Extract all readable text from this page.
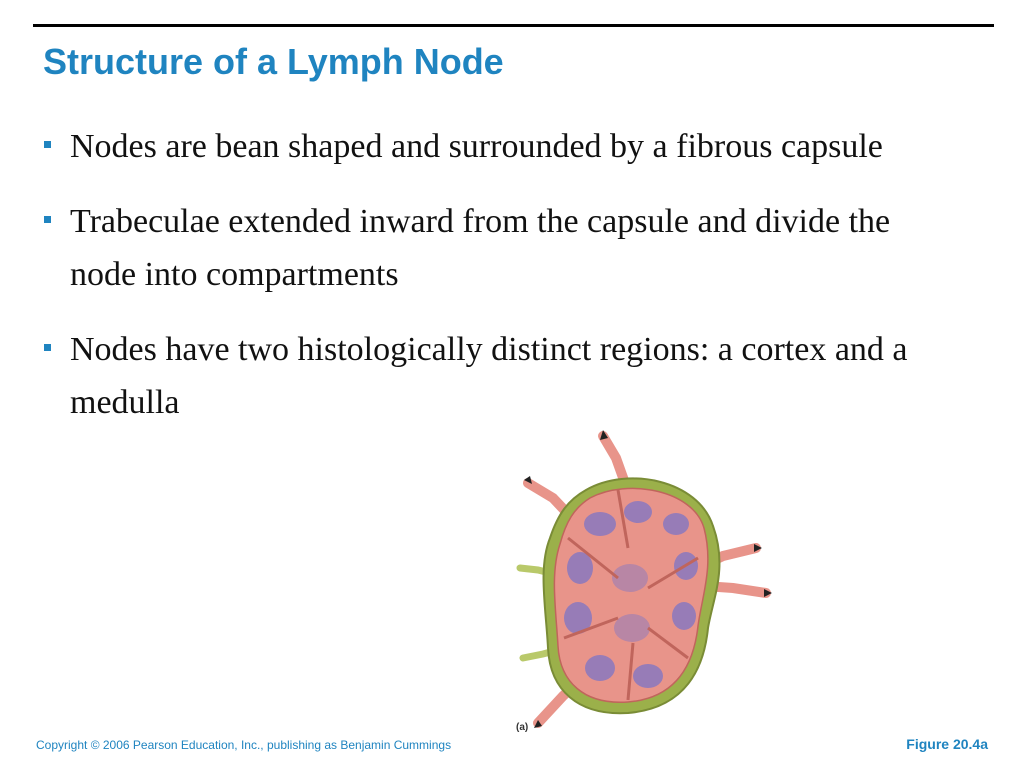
Structure of a Lymph Node
Nodes are bean shaped and surrounded by a fibrous capsule
Trabeculae extended inward from the capsule and divide the node into compartments
Nodes have two histologically distinct regions: a cortex and a medulla
(a)
Copyright © 2006 Pearson Education, Inc., publishing as Benjamin Cummings	Figure 20.4a
